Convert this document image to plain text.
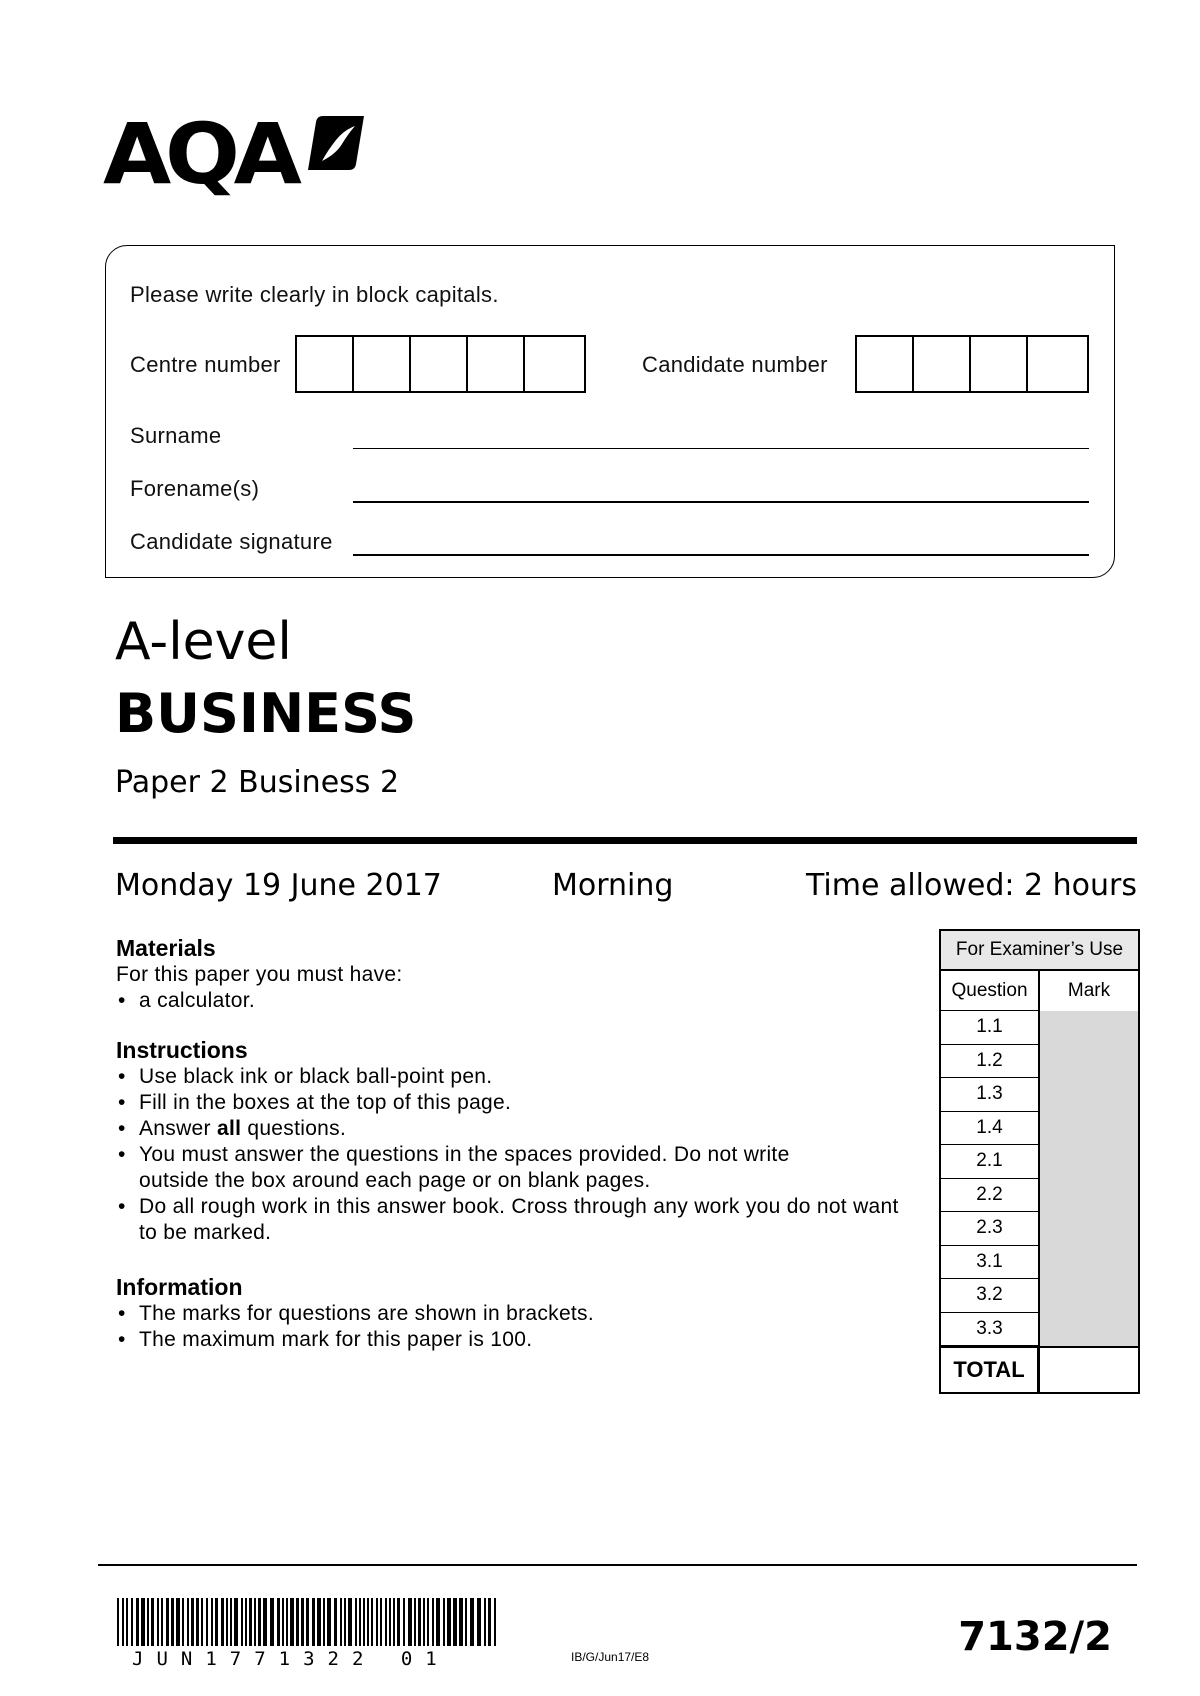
AQA
Please write clearly in block capitals.
Centre number	Candidate number
Surname
Forename(s)
Candidate signature
A-level
BUSINESS
Paper 2 Business 2
Monday 19 June 2017	Morning	Time allowed: 2 hours
Materials
For this paper you must have:
• a calculator.
Instructions
• Use black ink or black ball-point pen.
• Fill in the boxes at the top of this page.
• Answer all questions.
• You must answer the questions in the spaces provided. Do not write outside the box around each page or on blank pages.
• Do all rough work in this answer book. Cross through any work you do not want to be marked.
Information
• The marks for questions are shown in brackets.
• The maximum mark for this paper is 100.
For Examiner’s Use
Question	Mark
1.1
1.2
1.3
1.4
2.1
2.2
2.3
3.1
3.2
3.3
TOTAL
JUN1771322 01	IB/G/Jun17/E8	7132/2
